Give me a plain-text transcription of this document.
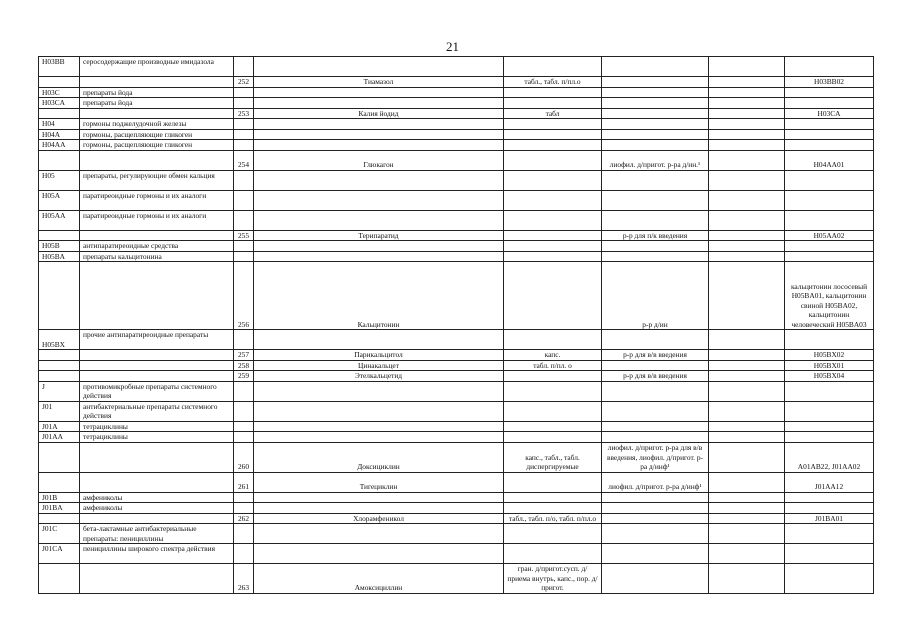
21
H03BB	серосодержащие производные имидазола						
		252	Тиамазол	табл., табл. п/пл.о			H03BB02
H03C	препараты йода						
H03CA	препараты йода						
		253	Калия йодид	табл			H03CA
H04	гормоны поджелудочной железы						
H04A	гормоны, расщепляющие гликоген						
H04AA	гормоны, расщепляющие гликоген						
		254	Глюкагон		лиофил. д/пригот. р-ра д/ин.¹		H04AA01
H05	препараты, регулирующие обмен кальция						
H05A	паратиреоидные гормоны и их аналоги						
H05AA	паратиреоидные гормоны и их аналоги						
		255	Терипаратид		р-р для п/к введения		H05AA02
H05B	антипаратиреоидные средства						
H05BA	препараты кальцитонина						
		256	Кальцитонин		р-р д/ин		кальцитонин лососевый H05BA01, кальцитонин свиной H05BA02, кальцитонин человеческий H05BA03
H05BX	прочие антипаратиреоидные препараты						
		257	Парикальцитол	капс.	р-р для в/в введения		H05BX02
		258	Цинакальцет	табл. п/пл. о			H05BX01
		259	Этелкальцетид		р-р для в/в введения		H05BX04
J	противомикробные препараты системного действия						
J01	антибактериальные препараты системного действия						
J01A	тетрациклины						
J01AA	тетрациклины						
		260	Доксициклин	капс., табл., табл. диспергируемые	лиофил. д/пригот. р-ра для в/в введения, лиофил. д/пригот. р-ра д/инф¹		A01AB22, J01AA02
		261	Тигециклин		лиофил. д/пригот. р-ра д/инф¹		J01AA12
J01B	амфениколы						
J01BA	амфениколы						
		262	Хлорамфеникол	табл., табл. п/о, табл. п/пл.о			J01BA01
J01C	бета-лактамные антибактериальные препараты: пенициллины						
J01CA	пенициллины широкого спектра действия						
		263	Амоксициллин	гран. д/пригот.сусп. д/приема внутрь, капс., пор. д/пригот.			
